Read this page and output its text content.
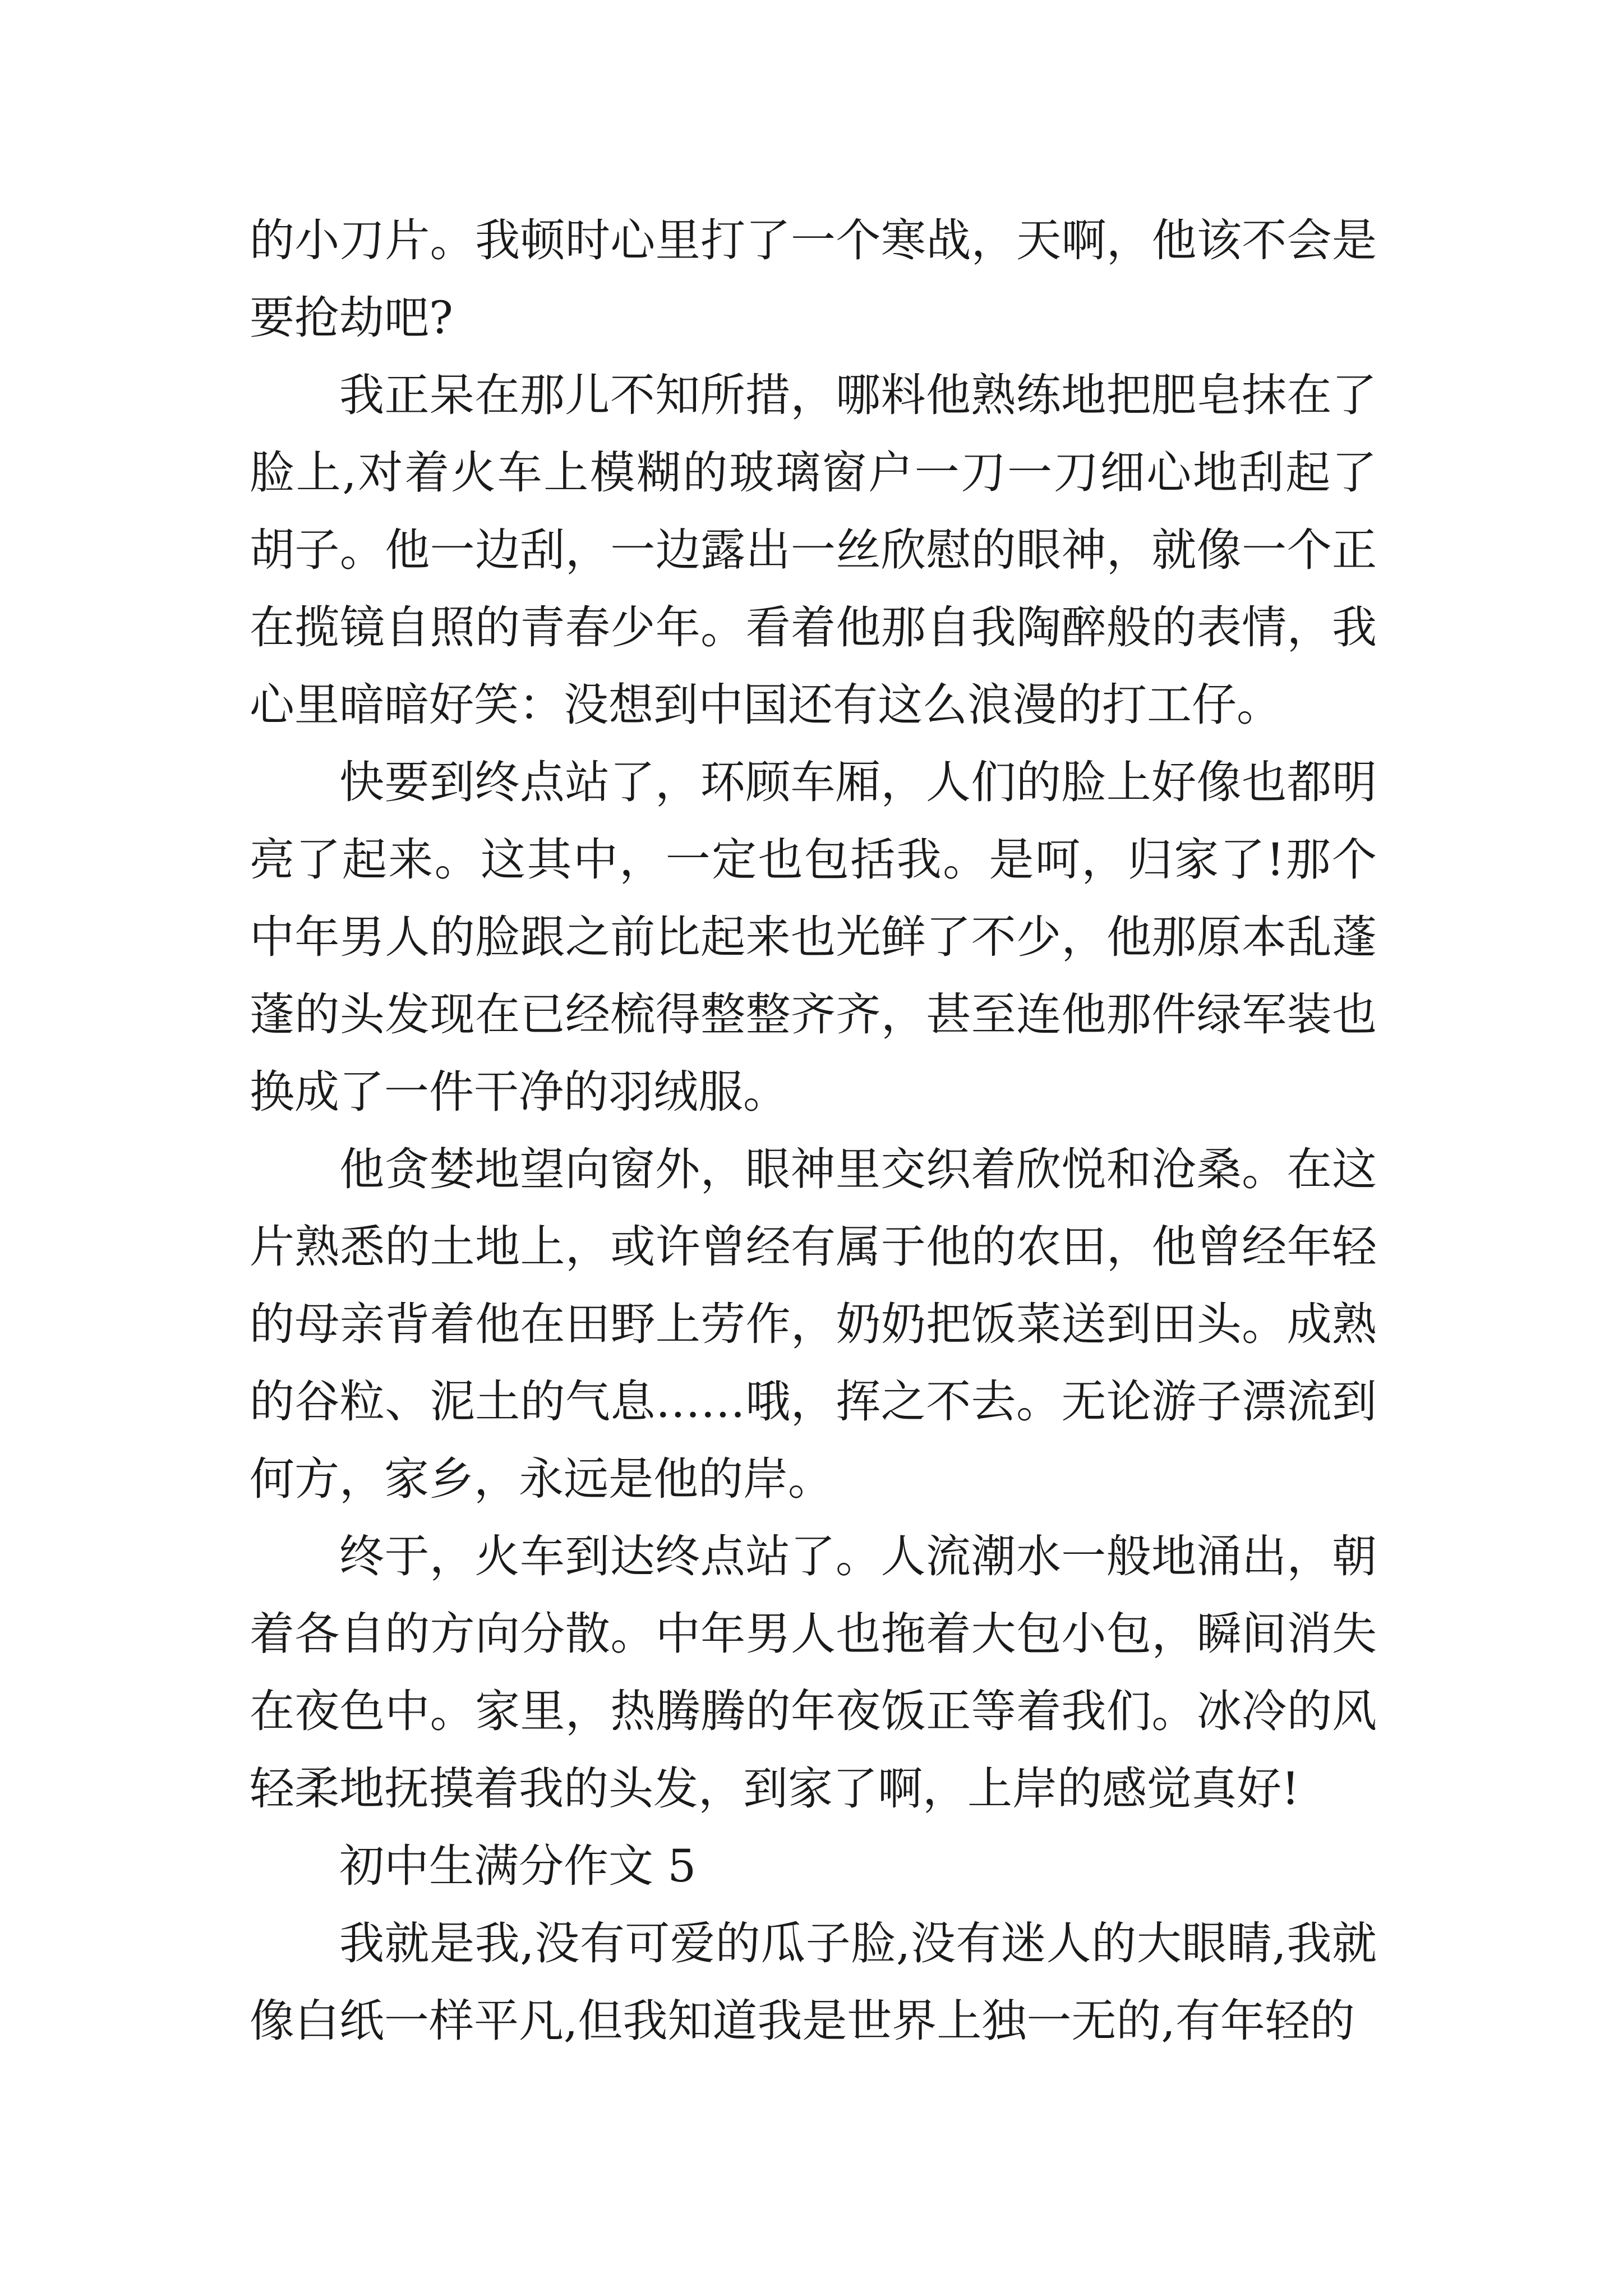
的小刀片。我顿时心里打了一个寒战，天啊，他该不会是要抢劫吧?

我正呆在那儿不知所措，哪料他熟练地把肥皂抹在了脸上,对着火车上模糊的玻璃窗户一刀一刀细心地刮起了胡子。他一边刮，一边露出一丝欣慰的眼神，就像一个正在揽镜自照的青春少年。看着他那自我陶醉般的表情，我心里暗暗好笑：没想到中国还有这么浪漫的打工仔。

快要到终点站了，环顾车厢，人们的脸上好像也都明亮了起来。这其中，一定也包括我。是呵，归家了!那个中年男人的脸跟之前比起来也光鲜了不少，他那原本乱蓬蓬的头发现在已经梳得整整齐齐，甚至连他那件绿军装也换成了一件干净的羽绒服。

他贪婪地望向窗外，眼神里交织着欣悦和沧桑。在这片熟悉的土地上，或许曾经有属于他的农田，他曾经年轻的母亲背着他在田野上劳作，奶奶把饭菜送到田头。成熟的谷粒、泥土的气息……哦，挥之不去。无论游子漂流到何方，家乡，永远是他的岸。

终于，火车到达终点站了。人流潮水一般地涌出，朝着各自的方向分散。中年男人也拖着大包小包，瞬间消失在夜色中。家里，热腾腾的年夜饭正等着我们。冰冷的风轻柔地抚摸着我的头发，到家了啊，上岸的感觉真好!

初中生满分作文 5

我就是我,没有可爱的瓜子脸,没有迷人的大眼睛,我就像白纸一样平凡,但我知道我是世界上独一无的,有年轻的
